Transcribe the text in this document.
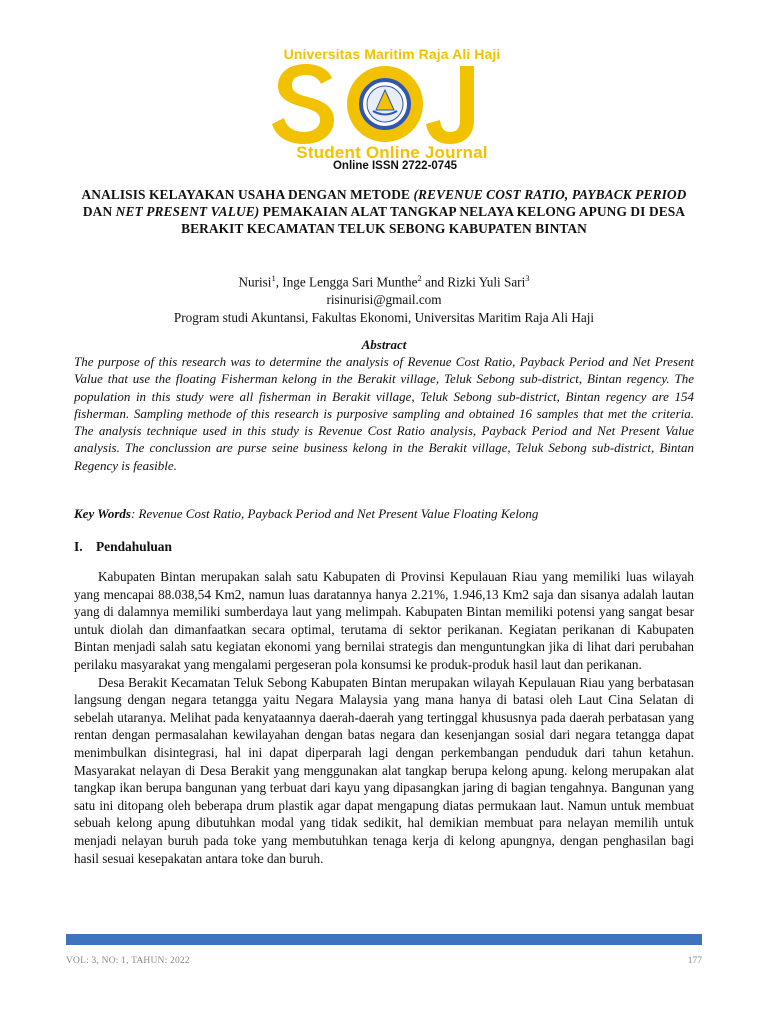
Universitas Maritim Raja Ali Haji
Student Online Journal
Online ISSN 2722-0745
ANALISIS KELAYAKAN USAHA DENGAN METODE (REVENUE COST RATIO, PAYBACK PERIOD DAN NET PRESENT VALUE) PEMAKAIAN ALAT TANGKAP NELAYA KELONG APUNG DI DESA BERAKIT KECAMATAN TELUK SEBONG KABUPATEN BINTAN
Nurisi$^1$, Inge Lengga Sari Munthe$^2$ and Rizki Yuli Sari$^3$
risinurisi@gmail.com
Program studi Akuntansi, Fakultas Ekonomi, Universitas Maritim Raja Ali Haji
Abstract
The purpose of this research was to determine the analysis of Revenue Cost Ratio, Payback Period and Net Present Value that use the floating Fisherman kelong in the Berakit village, Teluk Sebong sub-district, Bintan regency. The population in this study were all fisherman in Berakit village, Teluk Sebong sub-district, Bintan regency are 154 fisherman. Sampling methode of this research is purposive sampling and obtained 16 samples that met the criteria. The analysis technique used in this study is Revenue Cost Ratio analysis, Payback Period and Net Present Value analysis. The conclussion are purse seine business kelong in the Berakit village, Teluk Sebong sub-district, Bintan Regency is feasible.
Key Words: Revenue Cost Ratio, Payback Period and Net Present Value Floating Kelong
I. Pendahuluan

Kabupaten Bintan merupakan salah satu Kabupaten di Provinsi Kepulauan Riau yang memiliki luas wilayah yang mencapai 88.038,54 Km2, namun luas daratannya hanya 2.21%, 1.946,13 Km2 saja dan sisanya adalah lautan yang di dalamnya memiliki sumberdaya laut yang melimpah. Kabupaten Bintan memiliki potensi yang sangat besar untuk diolah dan dimanfaatkan secara optimal, terutama di sektor perikanan. Kegiatan perikanan di Kabupaten Bintan menjadi salah satu kegiatan ekonomi yang bernilai strategis dan menguntungkan jika di lihat dari perubahan perilaku masyarakat yang mengalami pergeseran pola konsumsi ke produk-produk hasil laut dan perikanan.

Desa Berakit Kecamatan Teluk Sebong Kabupaten Bintan merupakan wilayah Kepulauan Riau yang berbatasan langsung dengan negara tetangga yaitu Negara Malaysia yang mana hanya di batasi oleh Laut Cina Selatan di sebelah utaranya. Melihat pada kenyataannya daerah-daerah yang tertinggal khususnya pada daerah perbatasan yang rentan dengan permasalahan kewilayahan dengan batas negara dan kesenjangan sosial dari negara tetangga dapat menimbulkan disintegrasi, hal ini dapat diperparah lagi dengan perkembangan penduduk dari tahun ketahun. Masyarakat nelayan di Desa Berakit yang menggunakan alat tangkap berupa kelong apung. kelong merupakan alat tangkap ikan berupa bangunan yang terbuat dari kayu yang dipasangkan jaring di bagian tengahnya. Bangunan yang satu ini ditopang oleh beberapa drum plastik agar dapat mengapung diatas permukaan laut. Namun untuk membuat sebuah kelong apung dibutuhkan modal yang tidak sedikit, hal demikian membuat para nelayan memilih untuk menjadi nelayan buruh pada toke yang membutuhkan tenaga kerja di kelong apungnya, dengan penghasilan bagi hasil sesuai kesepakatan antara toke dan buruh.

VOL: 3, NO: 1, TAHUN: 2022	177
